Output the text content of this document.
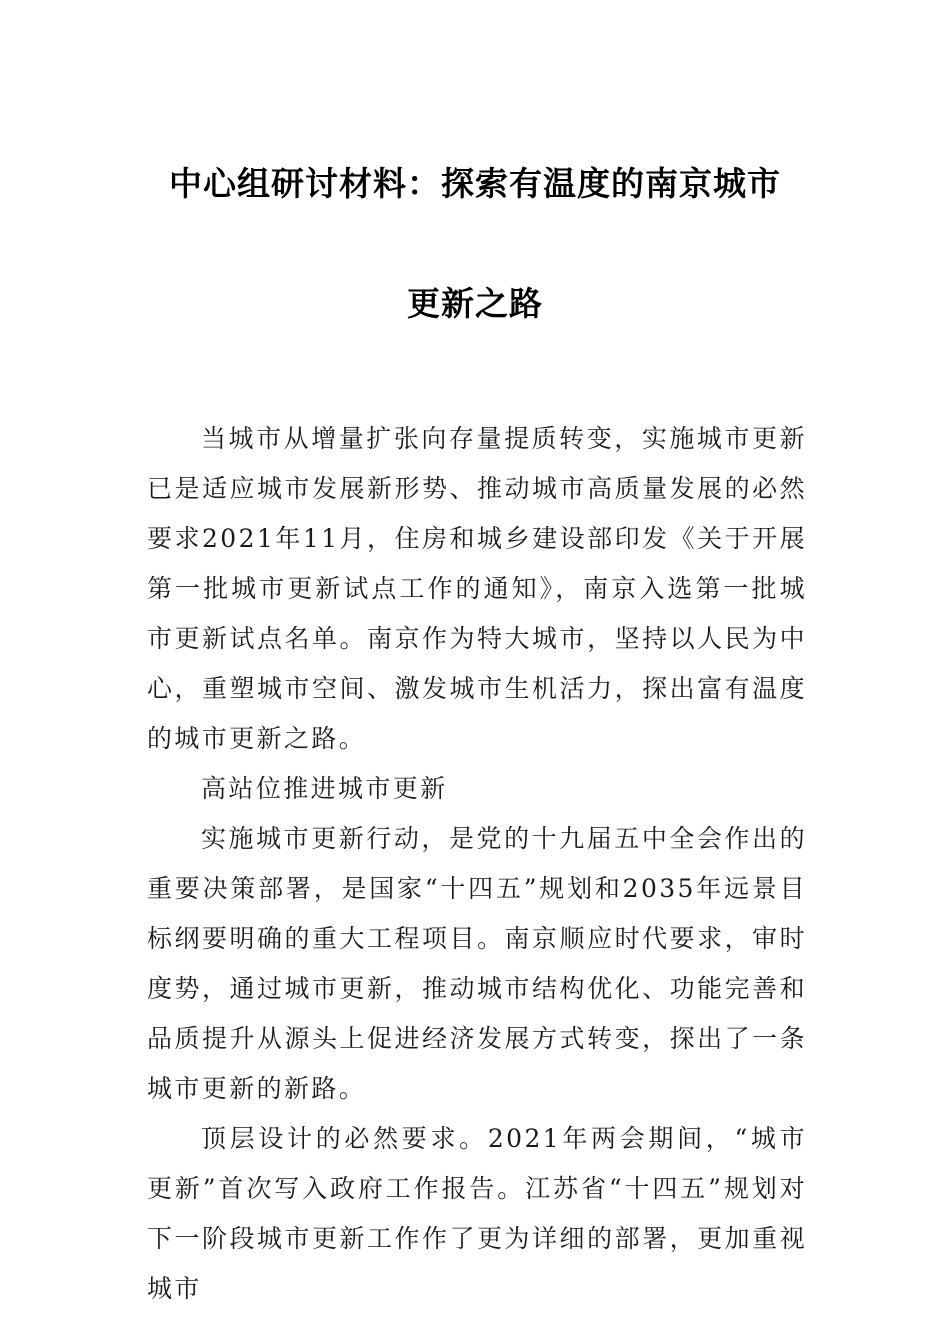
中心组研讨材料：探索有温度的南京城市
更新之路

当城市从增量扩张向存量提质转变，实施城市更新已是适应城市发展新形势、推动城市高质量发展的必然要求2021年11月，住房和城乡建设部印发《关于开展第一批城市更新试点工作的通知》，南京入选第一批城市更新试点名单。南京作为特大城市，坚持以人民为中心，重塑城市空间、激发城市生机活力，探出富有温度的城市更新之路。

高站位推进城市更新

实施城市更新行动，是党的十九届五中全会作出的重要决策部署，是国家“十四五”规划和2035年远景目标纲要明确的重大工程项目。南京顺应时代要求，审时度势，通过城市更新，推动城市结构优化、功能完善和品质提升从源头上促进经济发展方式转变，探出了一条城市更新的新路。

顶层设计的必然要求。2021年两会期间，“城市更新”首次写入政府工作报告。江苏省“十四五”规划对下一阶段城市更新工作作了更为详细的部署，更加重视城市
